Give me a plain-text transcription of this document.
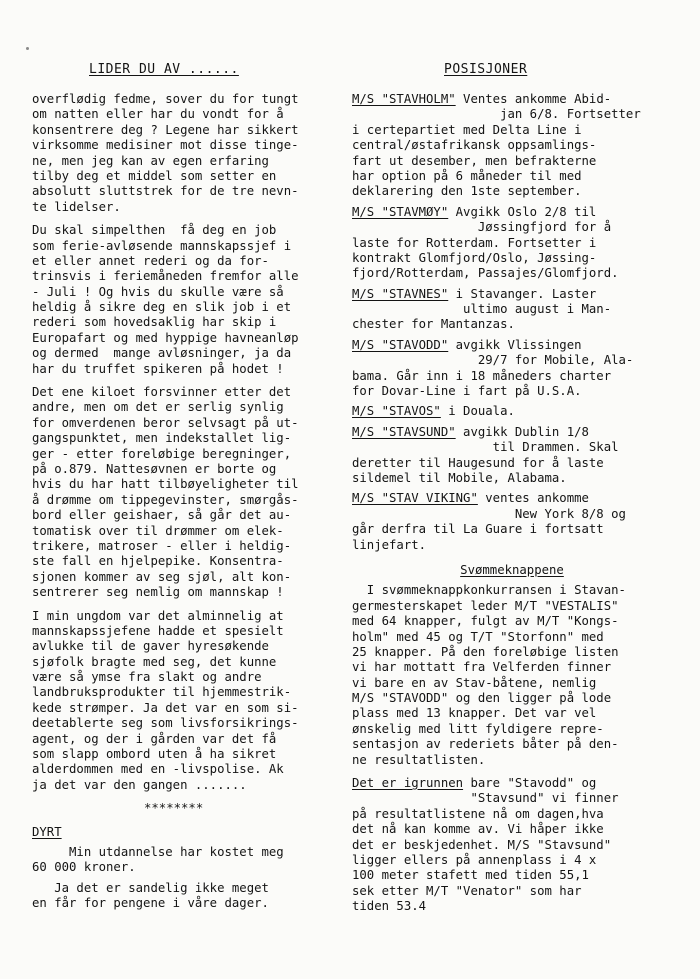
LIDER DU AV ......	POSISJONER
overflødig fedme, sover du for tungt
om natten eller har du vondt for å
konsentrere deg ? Legene har sikkert
virksomme medisiner mot disse tinge-
ne, men jeg kan av egen erfaring
tilby deg et middel som setter en
absolutt sluttstrek for de tre nevn-
te lidelser.
Du skal simpelthen  få deg en job
som ferie-avløsende mannskapssjef i
et eller annet rederi og da for-
trinsvis i feriemåneden fremfor alle
- Juli ! Og hvis du skulle være så
heldig å sikre deg en slik job i et
rederi som hovedsaklig har skip i
Europafart og med hyppige havneanløp
og dermed  mange avløsninger, ja da
har du truffet spikeren på hodet !
Det ene kiloet forsvinner etter det
andre, men om det er serlig synlig
for omverdenen beror selvsagt på ut-
gangspunktet, men indekstallet lig-
ger - etter foreløbige beregninger,
på o.879. Nattesøvnen er borte og
hvis du har hatt tilbøyeligheter til
å drømme om tippegevinster, smørgås-
bord eller geishaer, så går det au-
tomatisk over til drømmer om elek-
trikere, matroser - eller i heldig-
ste fall en hjelpepike. Konsentra-
sjonen kommer av seg sjøl, alt kon-
sentrerer seg nemlig om mannskap !
I min ungdom var det alminnelig at
mannskapssjefene hadde et spesielt
avlukke til de gaver hyresøkende
sjøfolk bragte med seg, det kunne
være så ymse fra slakt og andre
landbruksprodukter til hjemmestrik-
kede strømper. Ja det var en som si-
deetablerte seg som livsforsikrings-
agent, og der i gården var det få
som slapp ombord uten å ha sikret
alderdommen med en -livspolise. Ak
ja det var den gangen .......
********
DYRT
Min utdannelse har kostet meg
60 000 kroner.
Ja det er sandelig ikke meget
en får for pengene i våre dager.
M/S "STAVHOLM" Ventes ankomme Abid-
jan 6/8. Fortsetter
i certepartiet med Delta Line i
central/østafrikansk oppsamlings-
fart ut desember, men befrakterne
har option på 6 måneder til med
deklarering den 1ste september.
M/S "STAVMØY" Avgikk Oslo 2/8 til
Jøssingfjord for å
laste for Rotterdam. Fortsetter i
kontrakt Glomfjord/Oslo, Jøssing-
fjord/Rotterdam, Passajes/Glomfjord.
M/S "STAVNES" i Stavanger. Laster
ultimo august i Man-
chester for Mantanzas.
M/S "STAVODD" avgikk Vlissingen
29/7 for Mobile, Ala-
bama. Går inn i 18 måneders charter
for Dovar-Line i fart på U.S.A.
M/S "STAVOS" i Douala.
M/S "STAVSUND" avgikk Dublin 1/8
til Drammen. Skal
deretter til Haugesund for å laste
sildemel til Mobile, Alabama.
M/S "STAV VIKING" ventes ankomme
New York 8/8 og
går derfra til La Guare i fortsatt
linjefart.
Svømmeknappene
I svømmeknappkonkurransen i Stavan-
germesterskapet leder M/T "VESTALIS"
med 64 knapper, fulgt av M/T "Kongs-
holm" med 45 og T/T "Storfonn" med
25 knapper. På den foreløbige listen
vi har mottatt fra Velferden finner
vi bare en av Stav-båtene, nemlig
M/S "STAVODD" og den ligger på lode
plass med 13 knapper. Det var vel
ønskelig med litt fyldigere repre-
sentasjon av rederiets båter på den-
ne resultatlisten.
Det er igrunnen bare "Stavodd" og
"Stavsund" vi finner
på resultatlistene nå om dagen,hva
det nå kan komme av. Vi håper ikke
det er beskjedenhet. M/S "Stavsund"
ligger ellers på annenplass i 4 x
100 meter stafett med tiden 55,1
sek etter M/T "Venator" som har
tiden 53.4
